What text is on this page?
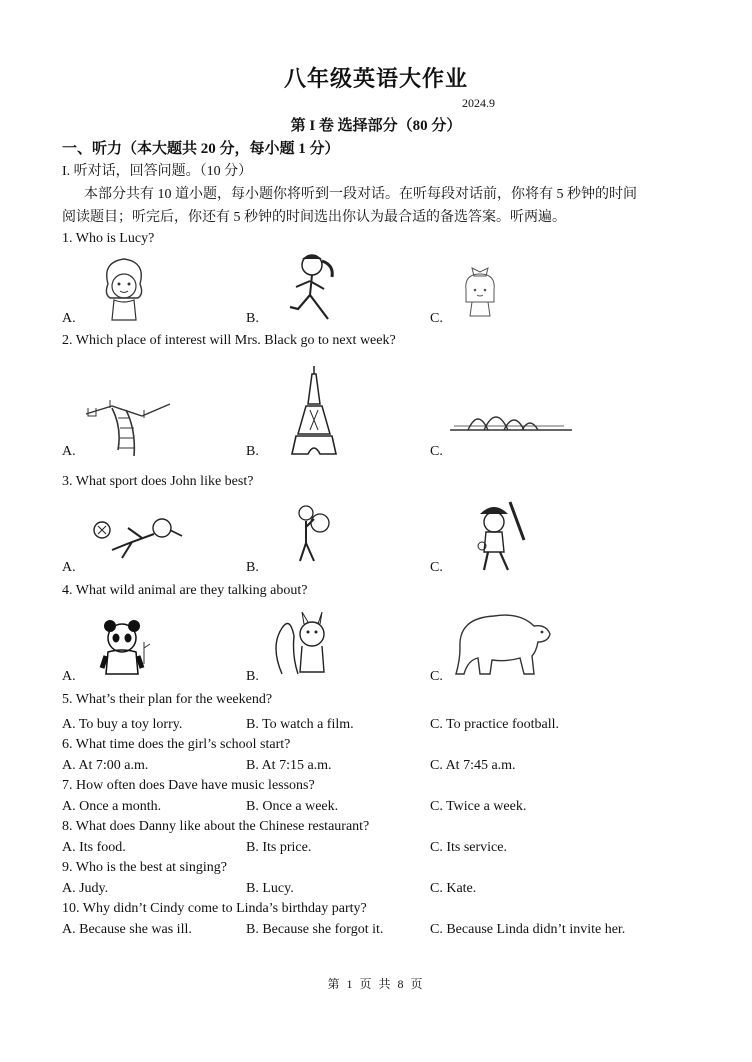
八年级英语大作业
2024.9
第 I 卷 选择部分（80 分）
一、听力（本大题共 20 分，每小题 1 分）
I. 听对话，回答问题。（10 分）
本部分共有 10 道小题，每小题你将听到一段对话。在听每段对话前，你将有 5 秒钟的时间
阅读题目；听完后，你还有 5 秒钟的时间选出你认为最合适的备选答案。听两遍。
1. Who is Lucy?
A.	B.	C.
2. Which place of interest will Mrs. Black go to next week?
A.	B.	C.
3. What sport does John like best?
A.	B.	C.
4. What wild animal are they talking about?
A.	B.	C.
5. What’s their plan for the weekend?
A. To buy a toy lorry.	B. To watch a film.	C. To practice football.
6. What time does the girl’s school start?
A. At 7:00 a.m.	B. At 7:15 a.m.	C. At 7:45 a.m.
7. How often does Dave have music lessons?
A. Once a month.	B. Once a week.	C. Twice a week.
8. What does Danny like about the Chinese restaurant?
A. Its food.	B. Its price.	C. Its service.
9. Who is the best at singing?
A. Judy.	B. Lucy.	C. Kate.
10. Why didn’t Cindy come to Linda’s birthday party?
A. Because she was ill.	B. Because she forgot it.	C. Because Linda didn’t invite her.
第 1 页 共 8 页
